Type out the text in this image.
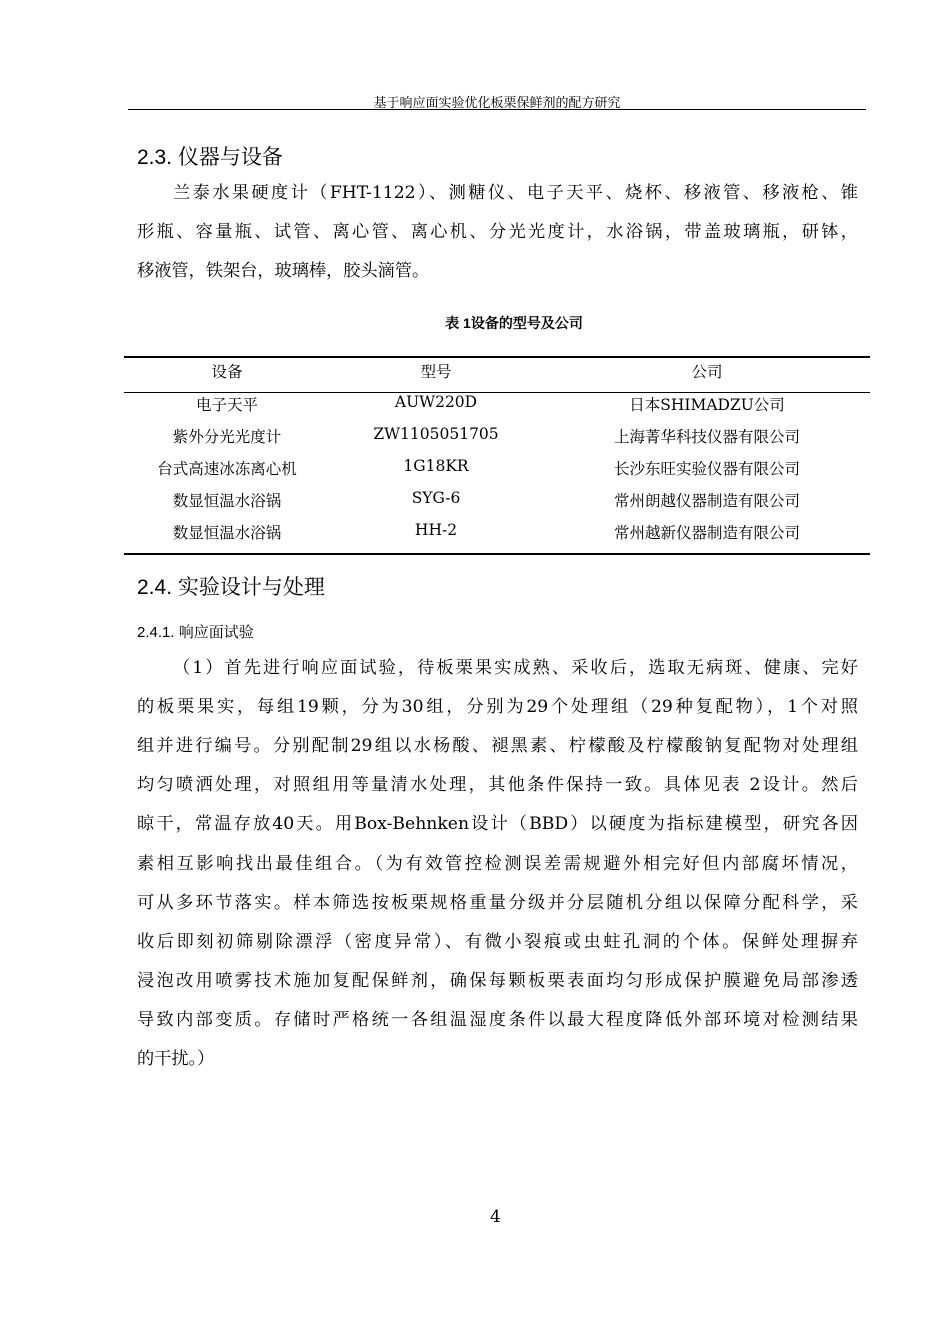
基于响应面实验优化板栗保鲜剂的配方研究
2.3. 仪器与设备
兰泰水果硬度计（FHT-1122）、测糖仪、电子天平、烧杯、移液管、移液枪、锥
形瓶、容量瓶、试管、离心管、离心机、分光光度计，水浴锅，带盖玻璃瓶，研钵，
移液管，铁架台，玻璃棒，胶头滴管。
表 1设备的型号及公司
设备	型号	公司
电子天平	AUW220D	日本SHIMADZU公司
紫外分光光度计	ZW1105051705	上海菁华科技仪器有限公司
台式高速冰冻离心机	1G18KR	长沙东旺实验仪器有限公司
数显恒温水浴锅	SYG-6	常州朗越仪器制造有限公司
数显恒温水浴锅	HH-2	常州越新仪器制造有限公司
2.4. 实验设计与处理
2.4.1. 响应面试验
（1）首先进行响应面试验，待板栗果实成熟、采收后，选取无病斑、健康、完好
的板栗果实，每组19颗，分为30组，分别为29个处理组（29种复配物），1个对照
组并进行编号。分别配制29组以水杨酸、褪黑素、柠檬酸及柠檬酸钠复配物对处理组
均匀喷洒处理，对照组用等量清水处理，其他条件保持一致。具体见表 2设计。然后
晾干，常温存放40天。用Box-Behnken设计（BBD）以硬度为指标建模型，研究各因
素相互影响找出最佳组合。（为有效管控检测误差需规避外相完好但内部腐坏情况，
可从多环节落实。样本筛选按板栗规格重量分级并分层随机分组以保障分配科学，采
收后即刻初筛剔除漂浮（密度异常）、有微小裂痕或虫蛀孔洞的个体。保鲜处理摒弃
浸泡改用喷雾技术施加复配保鲜剂，确保每颗板栗表面均匀形成保护膜避免局部渗透
导致内部变质。存储时严格统一各组温湿度条件以最大程度降低外部环境对检测结果
的干扰。）
4
